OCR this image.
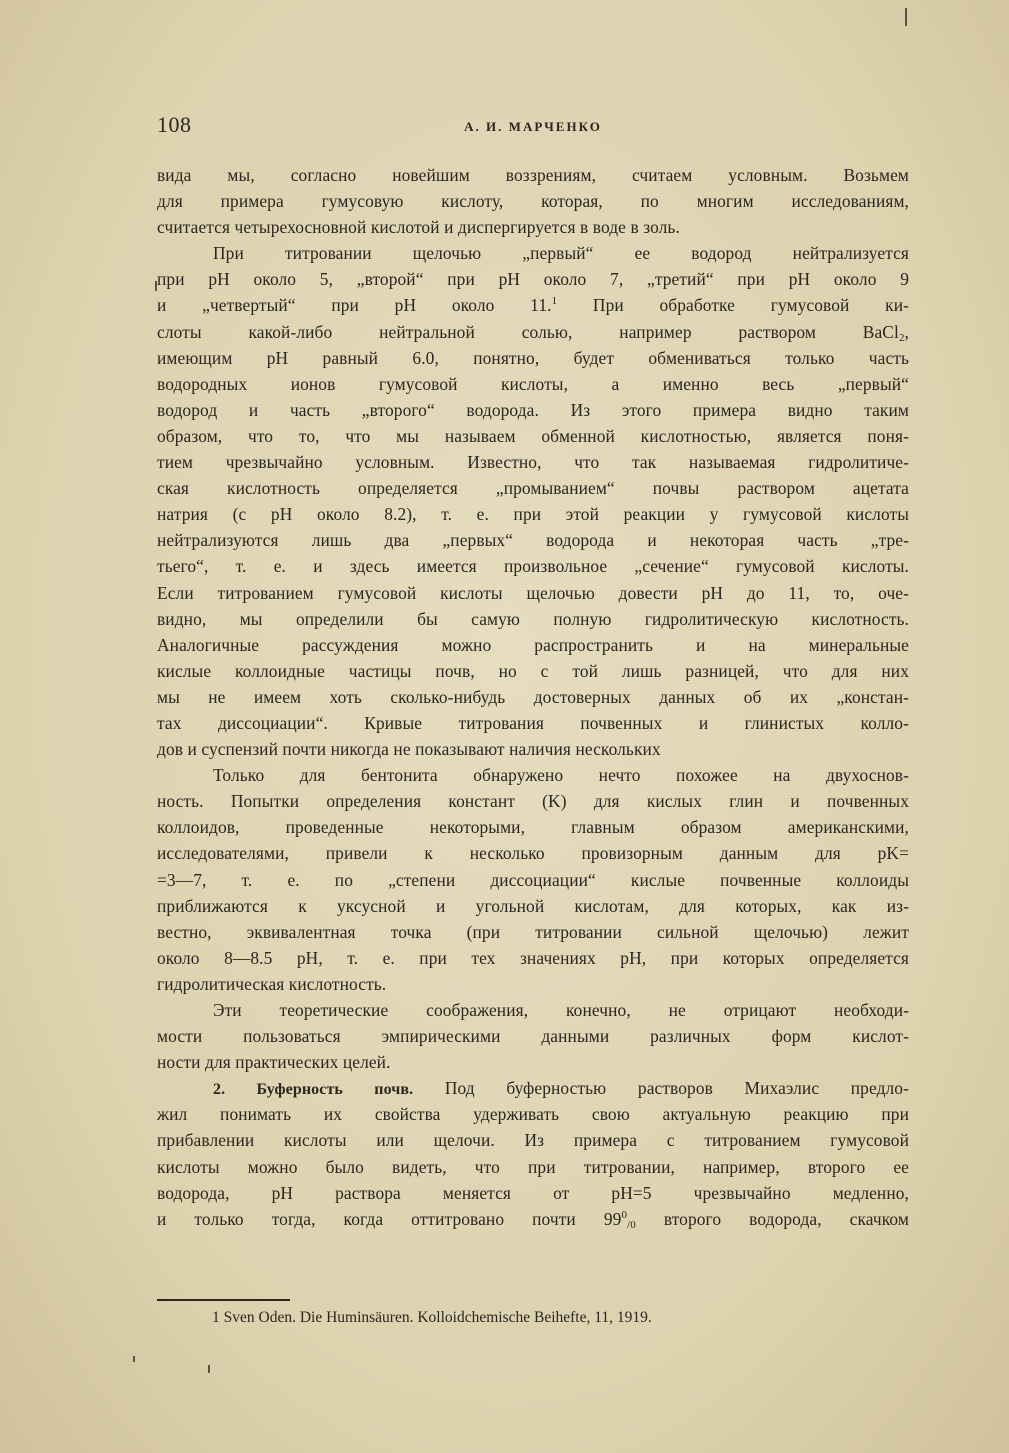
108	А. И. МАРЧЕНКО
вида мы, согласно новейшим воззрениям, считаем условным. Возьмем
для примера гумусовую кислоту, которая, по многим исследованиям,
считается четырехосновной кислотой и диспергируется в воде в золь.
При титровании щелочью „первый“ ее водород нейтрализуется
при pH около 5, „второй“ при pH около 7, „третий“ при pH около 9
и „четвертый“ при pH около 11.$^1$ При обработке гумусовой ки-
слоты какой-либо нейтральной солью, например раствором BaCl$_2$,
имеющим pH равный 6.0, понятно, будет обмениваться только часть
водородных ионов гумусовой кислоты, а именно весь „первый“
водород и часть „второго“ водорода. Из этого примера видно таким
образом, что то, что мы называем обменной кислотностью, является поня-
тием чрезвычайно условным. Известно, что так называемая гидролитиче-
ская кислотность определяется „промыванием“ почвы раствором ацетата
натрия (с pH около 8.2), т. е. при этой реакции у гумусовой кислоты
нейтрализуются лишь два „первых“ водорода и некоторая часть „тре-
тьего“, т. е. и здесь имеется произвольное „сечение“ гумусовой кислоты.
Если титрованием гумусовой кислоты щелочью довести pH до 11, то, оче-
видно, мы определили бы самую полную гидролитическую кислотность.
Аналогичные рассуждения можно распространить и на минеральные
кислые коллоидные частицы почв, но с той лишь разницей, что для них
мы не имеем хоть сколько-нибудь достоверных данных об их „констан-
тах диссоциации“. Кривые титрования почвенных и глинистых колло-
дов и суспензий почти никогда не показывают наличия нескольких
Только для бентонита обнаружено нечто похожее на двухоснов-
ность. Попытки определения констант (K) для кислых глин и почвенных
коллоидов, проведенные некоторыми, главным образом американскими,
исследователями, привели к несколько провизорным данным для pK=
=3—7, т. е. по „степени диссоциации“ кислые почвенные коллоиды
приближаются к уксусной и угольной кислотам, для которых, как из-
вестно, эквивалентная точка (при титровании сильной щелочью) лежит
около 8—8.5 pH, т. е. при тех значениях pH, при которых определяется
гидролитическая кислотность.
Эти теоретические соображения, конечно, не отрицают необходи-
мости пользоваться эмпирическими данными различных форм кислот-
ности для практических целей.
2. Буферность почв. Под буферностью растворов Михаэлис предло-
жил понимать их свойства удерживать свою актуальную реакцию при
прибавлении кислоты или щелочи. Из примера с титрованием гумусовой
кислоты можно было видеть, что при титровании, например, второго ее
водорода, pH раствора меняется от pH=5 чрезвычайно медленно,
и только тогда, когда оттитровано почти $99^0_{/0}$ второго водорода, скачком
1 Sven Oden. Die Huminsäuren. Kolloidchemische Beihefte, 11, 1919.
